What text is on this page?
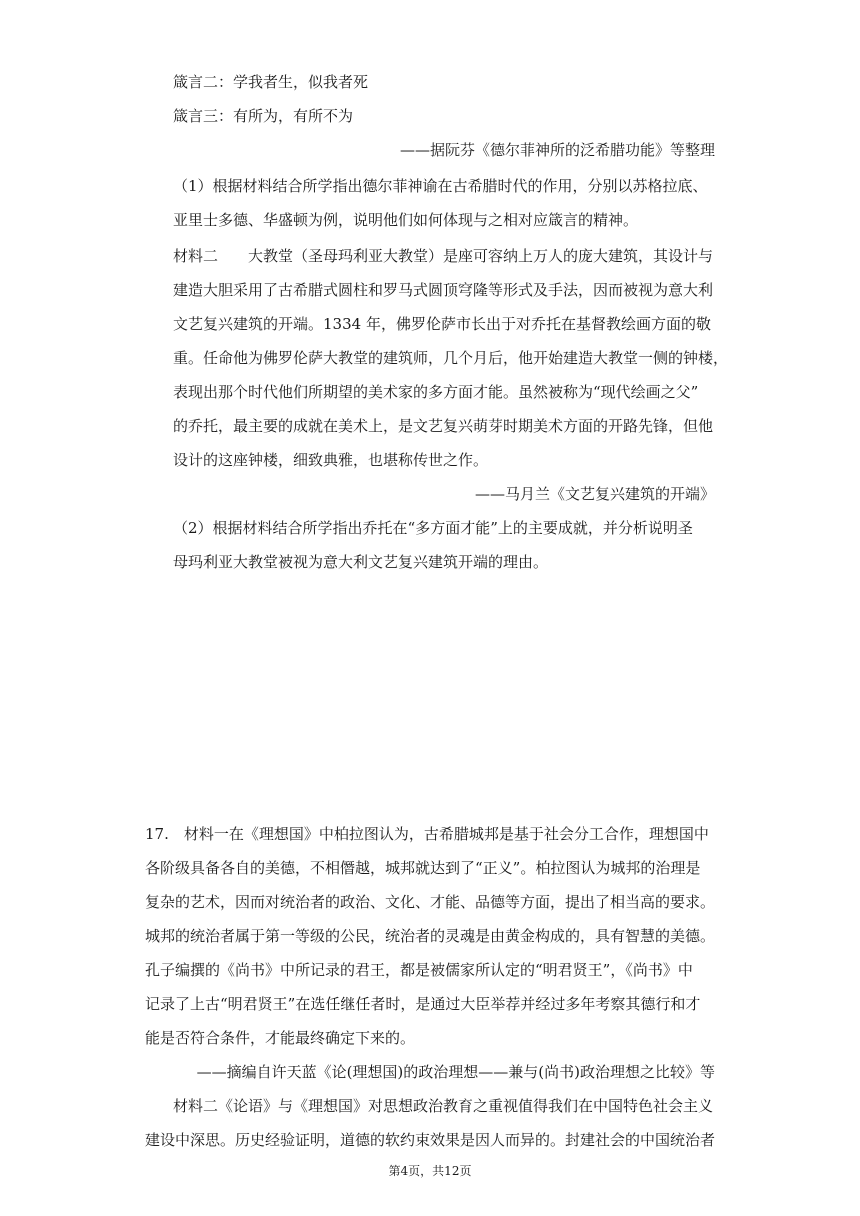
箴言二：学我者生，似我者死

箴言三：有所为，有所不为

——据阮芬《德尔菲神所的泛希腊功能》等整理

（1）根据材料结合所学指出德尔菲神谕在古希腊时代的作用，分别以苏格拉底、

亚里士多德、华盛顿为例，说明他们如何体现与之相对应箴言的精神。

材料二　　大教堂（圣母玛利亚大教堂）是座可容纳上万人的庞大建筑，其设计与

建造大胆采用了古希腊式圆柱和罗马式圆顶穹隆等形式及手法，因而被视为意大利

文艺复兴建筑的开端。1334 年，佛罗伦萨市长出于对乔托在基督教绘画方面的敬

重。任命他为佛罗伦萨大教堂的建筑师，几个月后，他开始建造大教堂一侧的钟楼，

表现出那个时代他们所期望的美术家的多方面才能。虽然被称为“现代绘画之父”

的乔托，最主要的成就在美术上，是文艺复兴萌芽时期美术方面的开路先锋，但他

设计的这座钟楼，细致典雅，也堪称传世之作。

——马月兰《文艺复兴建筑的开端》

（2）根据材料结合所学指出乔托在“多方面才能”上的主要成就，并分析说明圣

母玛利亚大教堂被视为意大利文艺复兴建筑开端的理由。

17.　材料一在《理想国》中柏拉图认为，古希腊城邦是基于社会分工合作，理想国中

各阶级具备各自的美德，不相僭越，城邦就达到了“正义”。柏拉图认为城邦的治理是

复杂的艺术，因而对统治者的政治、文化、才能、品德等方面，提出了相当高的要求。

城邦的统治者属于第一等级的公民，统治者的灵魂是由黄金构成的，具有智慧的美德。

孔子编撰的《尚书》中所记录的君王，都是被儒家所认定的“明君贤王”，《尚书》中

记录了上古“明君贤王”在选任继任者时，是通过大臣举荐并经过多年考察其德行和才

能是否符合条件，才能最终确定下来的。

——摘编自许天蓝《论(理想国)的政治理想——兼与(尚书)政治理想之比较》等

材料二《论语》与《理想国》对思想政治教育之重视值得我们在中国特色社会主义

建设中深思。历史经验证明，道德的软约束效果是因人而异的。封建社会的中国统治者

第4页，共12页
